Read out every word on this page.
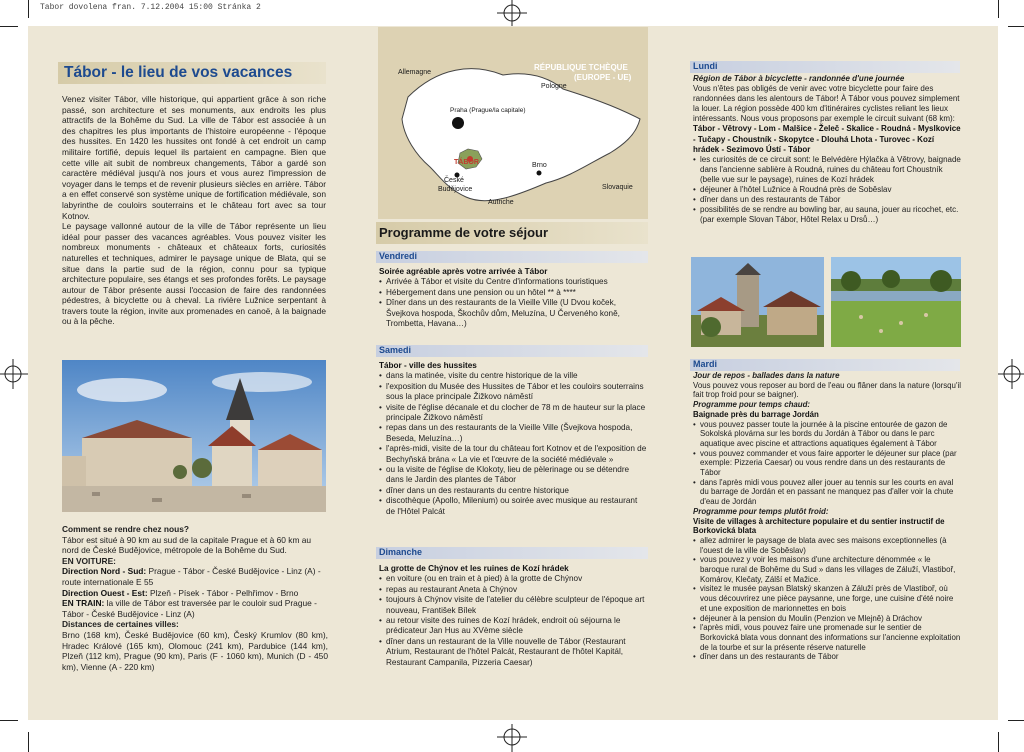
Tabor dovolena fran. 7.12.2004 15:00 Stránka 2
Tábor - le lieu de vos vacances
Venez visiter Tábor, ville historique, qui appartient grâce à son riche passé, son architecture et ses monuments, aux endroits les plus attractifs de la Bohême du Sud. La ville de Tábor est associée à un des chapitres les plus importants de l'histoire européenne - l'époque des hussites. En 1420 les hussites ont fondé à cet endroit un camp militaire fortifié, depuis lequel ils partaient en campagne. Bien que cette ville ait subit de nombreux changements, Tábor a gardé son caractère médiéval jusqu'à nos jours et vous aurez l'impression de voyager dans le temps et de revenir plusieurs siècles en arrière. Tábor a en effet conservé son système unique de fortification médiévale, son labyrinthe de couloirs souterrains et le château fort avec sa tour Kotnov.
Le paysage vallonné autour de la ville de Tábor représente un lieu idéal pour passer des vacances agréables. Vous pouvez visiter les nombreux monuments - châteaux et châteaux forts, curiosités naturelles et techniques, admirer le paysage unique de Blata, qui se situe dans la partie sud de la région, connu pour sa typique architecture populaire, ses étangs et ses profondes forêts. Le paysage autour de Tábor présente aussi l'occasion de faire des randonnées pédestres, à bicyclette ou à cheval. La rivière Lužnice serpentant à travers toute la région, invite aux promenades en canoë, à la baignade ou à la pêche.
Comment se rendre chez nous?
Tábor est situé à 90 km au sud de la capitale Prague et à 60 km au nord de České Budějovice, métropole de la Bohême du Sud.
EN VOITURE:
Direction Nord - Sud: Prague - Tábor - České Budějovice - Linz (A) - route internationale E 55
Direction Ouest - Est: Plzeň - Písek - Tábor - Pelhřimov - Brno
EN TRAIN: la ville de Tábor est traversée par le couloir sud Prague - Tábor - České Budějovice - Linz (A)
Distances de certaines villes:
Brno (168 km), České Budějovice (60 km), Český Krumlov (80 km), Hradec Králové (165 km), Olomouc (241 km), Pardubice (144 km), Plzeň (112 km), Prague (90 km), Paris (F - 1060 km), Munich (D - 450 km), Vienne (A - 220 km)
Allemagne
Pologne
RÉPUBLIQUE TCHÈQUE
(EUROPE - UE)
Praha (Prague/la capitale)
TÁBOR	Brno
České
Budějovice	Slovaquie
Autriche
Programme de votre séjour
Vendredi
Soirée agréable après votre arrivée à Tábor
• Arrivée à Tábor et visite du Centre d'informations touristiques
• Hébergement dans une pension ou un hôtel ** à ****
• Dîner dans un des restaurants de la Vieille Ville (U Dvou koček, Švejkova hospoda, Škochův dům, Meluzína, U Červeného koně, Trombetta, Havana…)
Samedi
Tábor - ville des hussites
• dans la matinée, visite du centre historique de la ville
• l'exposition du Musée des Hussites de Tábor et les couloirs souterrains sous la place principale Žižkovo náměstí
• visite de l'église décanale et du clocher de 78 m de hauteur sur la place principale Žižkovo náměstí
• repas dans un des restaurants de la Vieille Ville (Švejkova hospoda, Beseda, Meluzína…)
• l'après-midi, visite de la tour du château fort Kotnov et de l'exposition de Bechyňská brána « La vie et l'œuvre de la société médiévale »
• ou la visite de l'église de Klokoty, lieu de pèlerinage ou se détendre dans le Jardin des plantes de Tábor
• dîner dans un des restaurants du centre historique
• discothèque (Apollo, Milenium) ou soirée avec musique au restaurant de l'Hôtel Palcát
Dimanche
La grotte de Chýnov et les ruines de Kozí hrádek
• en voiture (ou en train et à pied) à la grotte de Chýnov
• repas au restaurant Aneta à Chýnov
• toujours à Chýnov visite de l'atelier du célèbre sculpteur de l'époque art nouveau, František Bílek
• au retour visite des ruines de Kozí hrádek, endroit où séjourna le prédicateur Jan Hus au XVème siècle
• dîner dans un restaurant de la Ville nouvelle de Tábor (Restaurant Atrium, Restaurant de l'hôtel Palcát, Restaurant de l'hôtel Kapitál, Restaurant Campanila, Pizzeria Caesar)
Lundi
Région de Tábor à bicyclette - randonnée d'une journée
Vous n'êtes pas obligés de venir avec votre bicyclette pour faire des randonnées dans les alentours de Tábor! À Tábor vous pouvez simplement la louer. La région possède 400 km d'itinéraires cyclistes reliant les lieux intéressants. Nous vous proposons par exemple le circuit suivant (68 km):
Tábor - Větrovy - Lom - Malšice - Želeč - Skalice - Roudná - Myslkovice - Tučapy - Choustník - Skopytce - Dlouhá Lhota - Turovec - Kozí hrádek - Sezimovo Ústí - Tábor
• les curiosités de ce circuit sont: le Belvédère Hýlačka à Větrovy, baignade dans l'ancienne sablière à Roudná, ruines du château fort Choustník (belle vue sur le paysage), ruines de Kozí hrádek
• déjeuner à l'hôtel Lužnice à Roudná près de Soběslav
• dîner dans un des restaurants de Tábor
• possibilités de se rendre au bowling bar, au sauna, jouer au ricochet, etc. (par exemple Slovan Tábor, Hôtel Relax u Drsů…)
Mardi
Jour de repos - ballades dans la nature
Vous pouvez vous reposer au bord de l'eau ou flâner dans la nature (lorsqu'il fait trop froid pour se baigner).
Programme pour temps chaud:
Baignade près du barrage Jordán
• vous pouvez passer toute la journée à la piscine entourée de gazon de Sokolská plovárna sur les bords du Jordán à Tábor ou dans le parc aquatique avec piscine et attractions aquatiques également à Tábor
• vous pouvez commander et vous faire apporter le déjeuner sur place (par exemple: Pizzeria Caesar) ou vous rendre dans un des restaurants de Tábor
• dans l'après midi vous pouvez aller jouer au tennis sur les courts en aval du barrage de Jordán et en passant ne manquez pas d'aller voir la chute d'eau de Jordán
Programme pour temps plutôt froid:
Visite de villages à architecture populaire et du sentier instructif de Borkovická blata
• allez admirer le paysage de blata avec ses maisons exceptionnelles (à l'ouest de la ville de Soběslav)
• vous pouvez y voir les maisons d'une architecture dénommée « le baroque rural de Bohême du Sud » dans les villages de Záluží, Vlastiboř, Komárov, Klečaty, Zálší et Mažice.
• visitez le musée paysan Blatský skanzen à Záluží près de Vlastiboř, où vous découvrirez une pièce paysanne, une forge, une cuisine d'été noire et une exposition de marionnettes en bois
• déjeuner à la pension du Moulin (Penzion ve Mlejně) à Dráchov
• l'après midi, vous pouvez faire une promenade sur le sentier de Borkovická blata vous donnant des informations sur l'ancienne exploitation de la tourbe et sur la présente réserve naturelle
• dîner dans un des restaurants de Tábor
